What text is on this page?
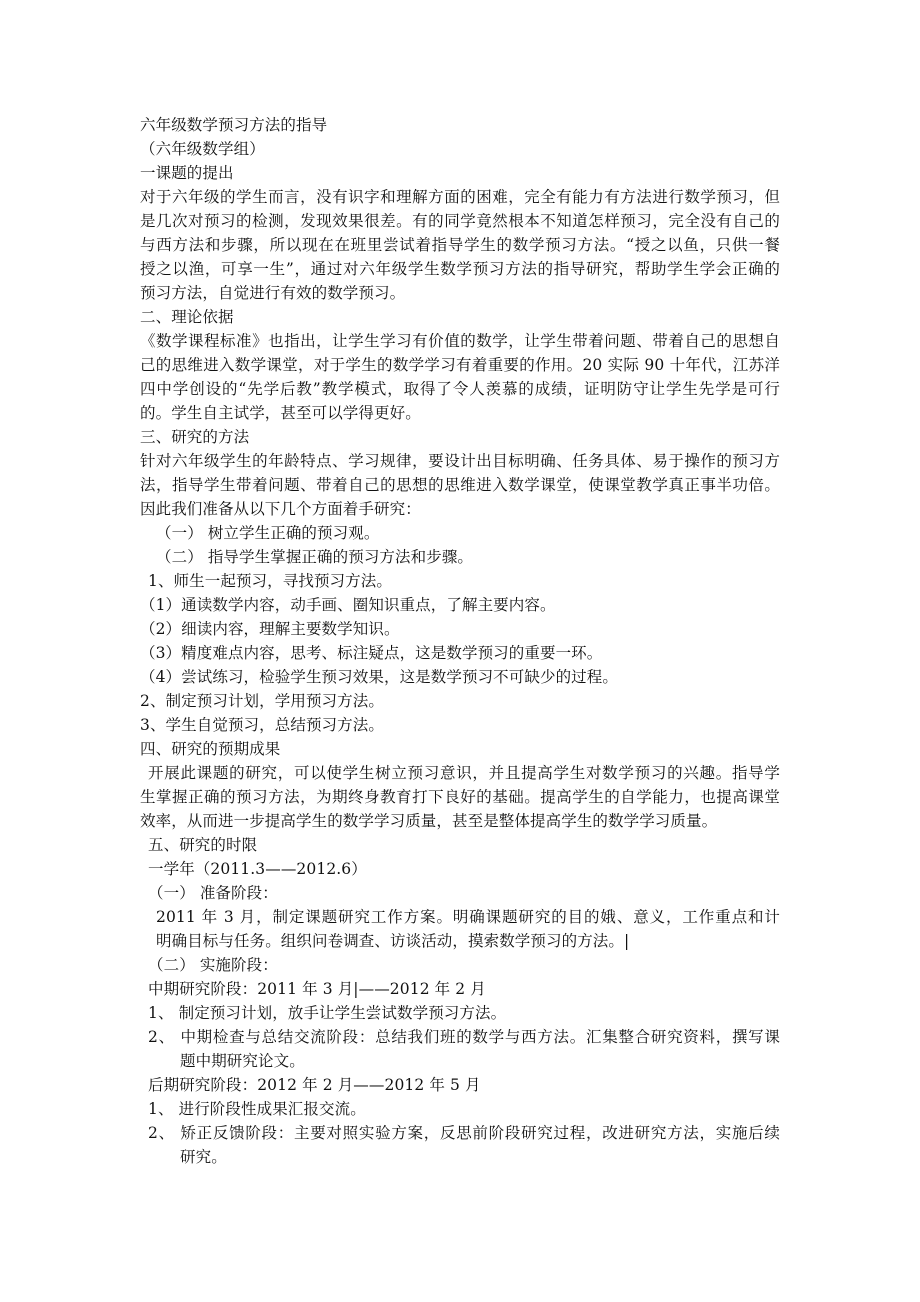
六年级数学预习方法的指导
（六年级数学组）
一课题的提出
对于六年级的学生而言，没有识字和理解方面的困难，完全有能力有方法进行数学预习，但
是几次对预习的检测，发现效果很差。有的同学竟然根本不知道怎样预习，完全没有自己的
与西方法和步骤，所以现在在班里尝试着指导学生的数学预习方法。“授之以鱼，只供一餐
授之以渔，可享一生”，通过对六年级学生数学预习方法的指导研究，帮助学生学会正确的
预习方法，自觉进行有效的数学预习。
二、理论依据
《数学课程标准》也指出，让学生学习有价值的数学，让学生带着问题、带着自己的思想自
己的思维进入数学课堂，对于学生的数学学习有着重要的作用。20 实际 90 十年代，江苏洋
四中学创设的“先学后教”教学模式，取得了令人羡慕的成绩，证明防守让学生先学是可行
的。学生自主试学，甚至可以学得更好。
三、研究的方法
针对六年级学生的年龄特点、学习规律，要设计出目标明确、任务具体、易于操作的预习方
法，指导学生带着问题、带着自己的思想的思维进入数学课堂，使课堂教学真正事半功倍。
因此我们准备从以下几个方面着手研究：
（一） 树立学生正确的预习观。
（二） 指导学生掌握正确的预习方法和步骤。
1、师生一起预习，寻找预习方法。
（1）通读数学内容，动手画、圈知识重点，了解主要内容。
（2）细读内容，理解主要数学知识。
（3）精度难点内容，思考、标注疑点，这是数学预习的重要一环。
（4）尝试练习，检验学生预习效果，这是数学预习不可缺少的过程。
2、制定预习计划，学用预习方法。
3、学生自觉预习，总结预习方法。
四、研究的预期成果
开展此课题的研究，可以使学生树立预习意识，并且提高学生对数学预习的兴趣。指导学
生掌握正确的预习方法，为期终身教育打下良好的基础。提高学生的自学能力，也提高课堂
效率，从而进一步提高学生的数学学习质量，甚至是整体提高学生的数学学习质量。
五、研究的时限
一学年（2011.3——2012.6）
（一） 准备阶段：
2011 年 3 月，制定课题研究工作方案。明确课题研究的目的娥、意义，工作重点和计
明确目标与任务。组织问卷调查、访谈活动，摸索数学预习的方法。|
（二） 实施阶段：
中期研究阶段：2011 年 3 月|——2012 年 2 月
1、 制定预习计划，放手让学生尝试数学预习方法。
2、 中期检查与总结交流阶段：总结我们班的数学与西方法。汇集整合研究资料，撰写课
题中期研究论文。
后期研究阶段：2012 年 2 月——2012 年 5 月
1、 进行阶段性成果汇报交流。
2、 矫正反馈阶段：主要对照实验方案，反思前阶段研究过程，改进研究方法，实施后续
研究。
